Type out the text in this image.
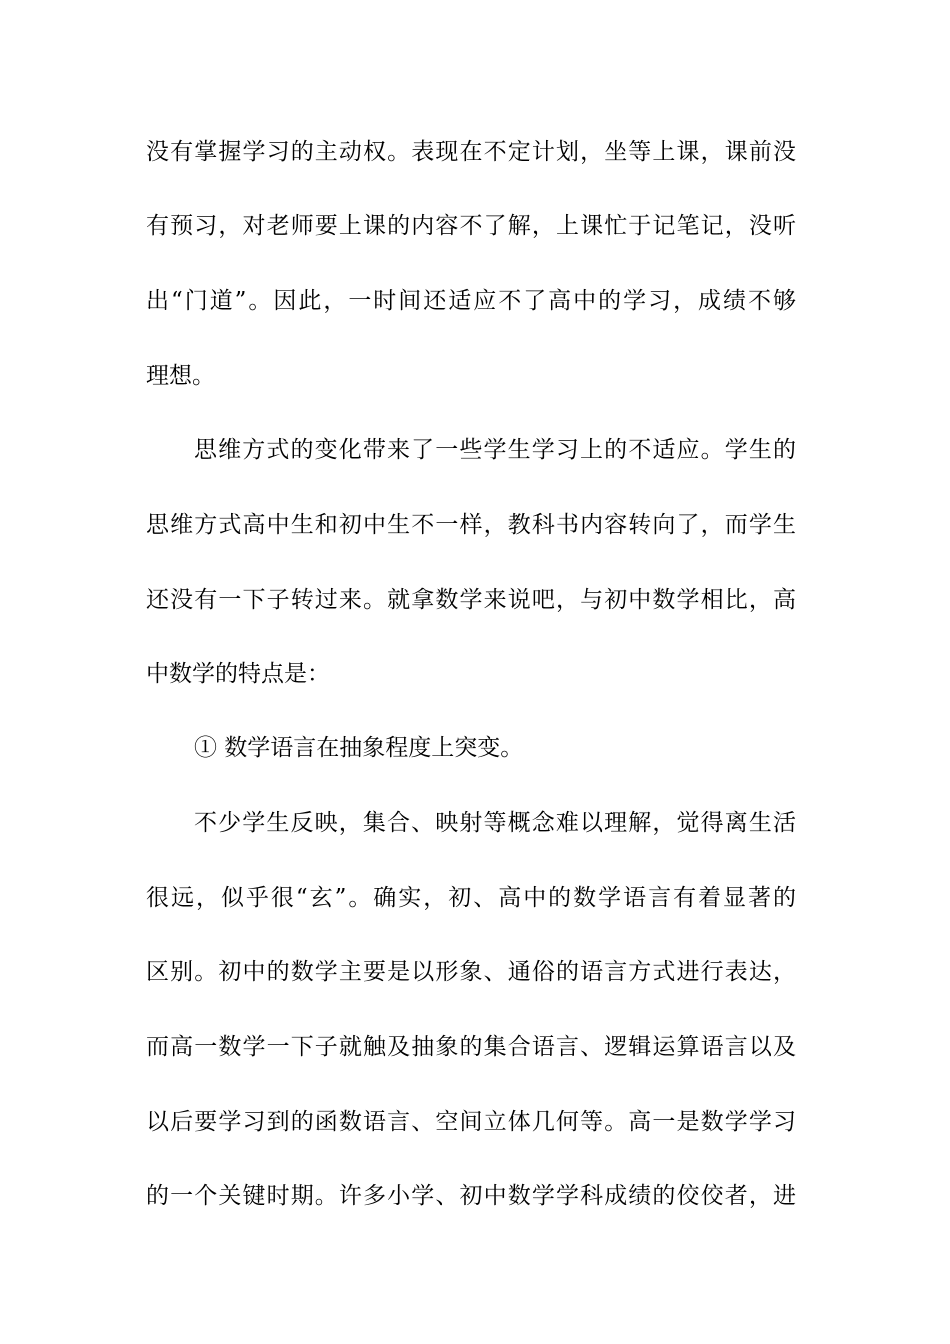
没有掌握学习的主动权。表现在不定计划，坐等上课，课前没
有预习，对老师要上课的内容不了解，上课忙于记笔记，没听
出“门道”。因此，一时间还适应不了高中的学习，成绩不够
理想。
思维方式的变化带来了一些学生学习上的不适应。学生的
思维方式高中生和初中生不一样，教科书内容转向了，而学生
还没有一下子转过来。就拿数学来说吧，与初中数学相比，高
中数学的特点是：
① 数学语言在抽象程度上突变。
不少学生反映，集合、映射等概念难以理解，觉得离生活
很远，似乎很“玄”。确实，初、高中的数学语言有着显著的
区别。初中的数学主要是以形象、通俗的语言方式进行表达，
而高一数学一下子就触及抽象的集合语言、逻辑运算语言以及
以后要学习到的函数语言、空间立体几何等。高一是数学学习
的一个关键时期。许多小学、初中数学学科成绩的佼佼者，进
